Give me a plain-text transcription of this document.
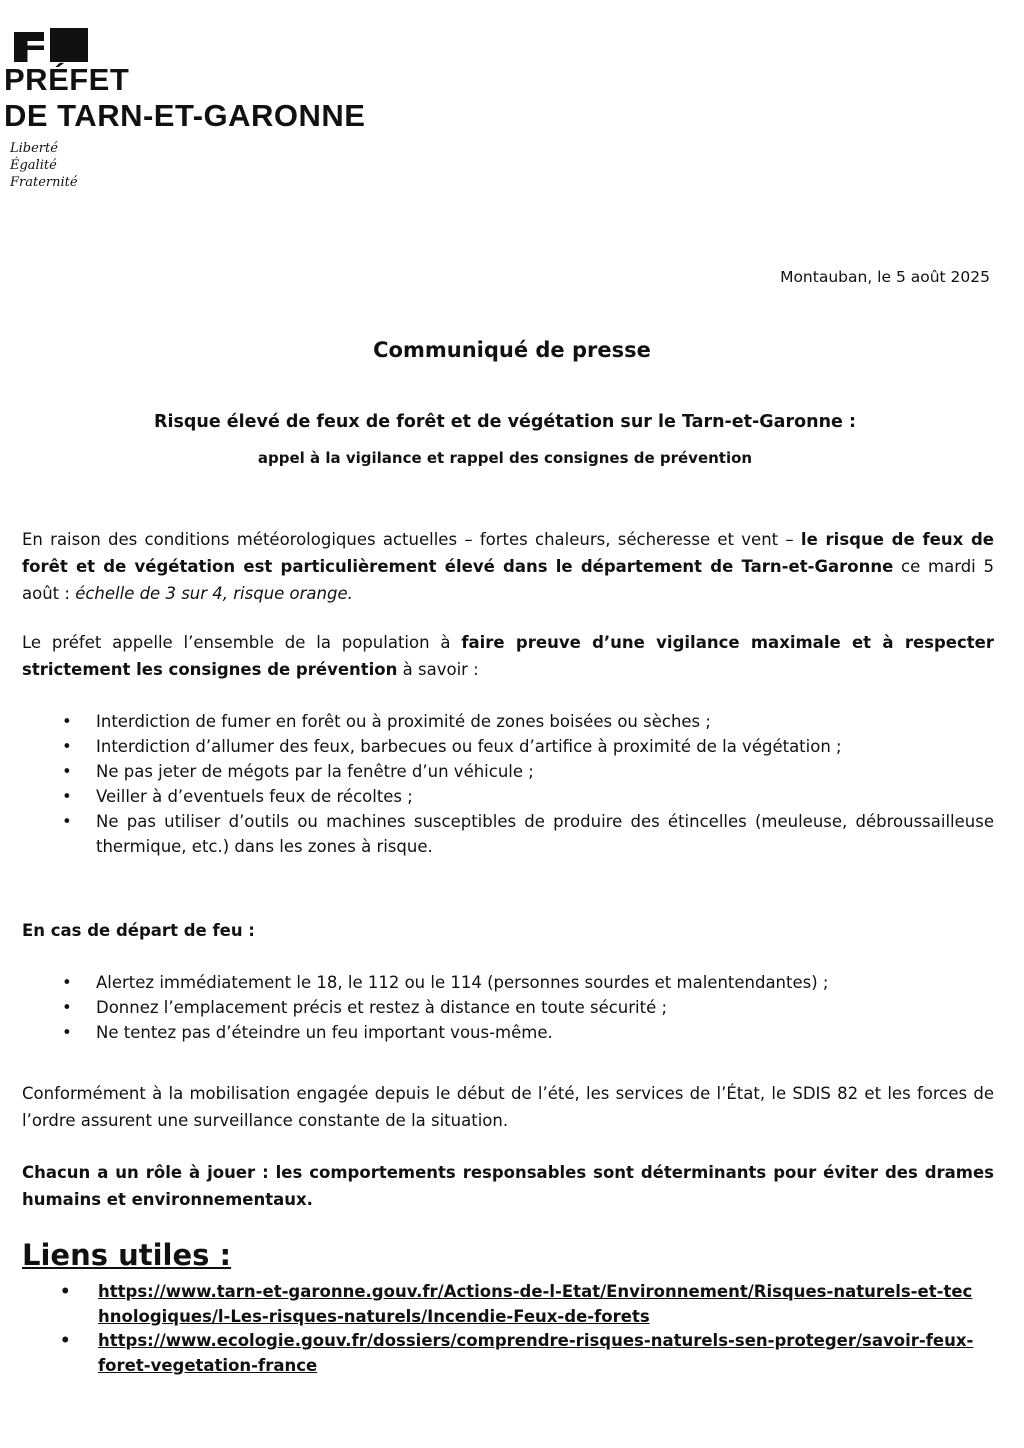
PRÉFET
DE TARN-ET-GARONNE
Liberté
Égalité
Fraternité
Montauban, le 5 août 2025
Communiqué de presse
Risque élevé de feux de forêt et de végétation sur le Tarn-et-Garonne :
appel à la vigilance et rappel des consignes de prévention
En raison des conditions météorologiques actuelles – fortes chaleurs, sécheresse et vent – le risque de feux de forêt et de végétation est particulièrement élevé dans le département de Tarn-et-Garonne ce mardi 5 août : échelle de 3 sur 4, risque orange.
Le préfet appelle l’ensemble de la population à faire preuve d’une vigilance maximale et à respecter strictement les consignes de prévention à savoir :
• Interdiction de fumer en forêt ou à proximité de zones boisées ou sèches ;
• Interdiction d’allumer des feux, barbecues ou feux d’artifice à proximité de la végétation ;
• Ne pas jeter de mégots par la fenêtre d’un véhicule ;
• Veiller à d’eventuels feux de récoltes ;
• Ne pas utiliser d’outils ou machines susceptibles de produire des étincelles (meuleuse, débroussailleuse thermique, etc.) dans les zones à risque.
En cas de départ de feu :
• Alertez immédiatement le 18, le 112 ou le 114 (personnes sourdes et malentendantes) ;
• Donnez l’emplacement précis et restez à distance en toute sécurité ;
• Ne tentez pas d’éteindre un feu important vous-même.
Conformément à la mobilisation engagée depuis le début de l’été, les services de l’État, le SDIS 82 et les forces de l’ordre assurent une surveillance constante de la situation.
Chacun a un rôle à jouer : les comportements responsables sont déterminants pour éviter des drames humains et environnementaux.
Liens utiles :
• https://www.tarn-et-garonne.gouv.fr/Actions-de-l-Etat/Environnement/Risques-naturels-et-technologiques/l-Les-risques-naturels/Incendie-Feux-de-forets
• https://www.ecologie.gouv.fr/dossiers/comprendre-risques-naturels-sen-proteger/savoir-feux-foret-vegetation-france
